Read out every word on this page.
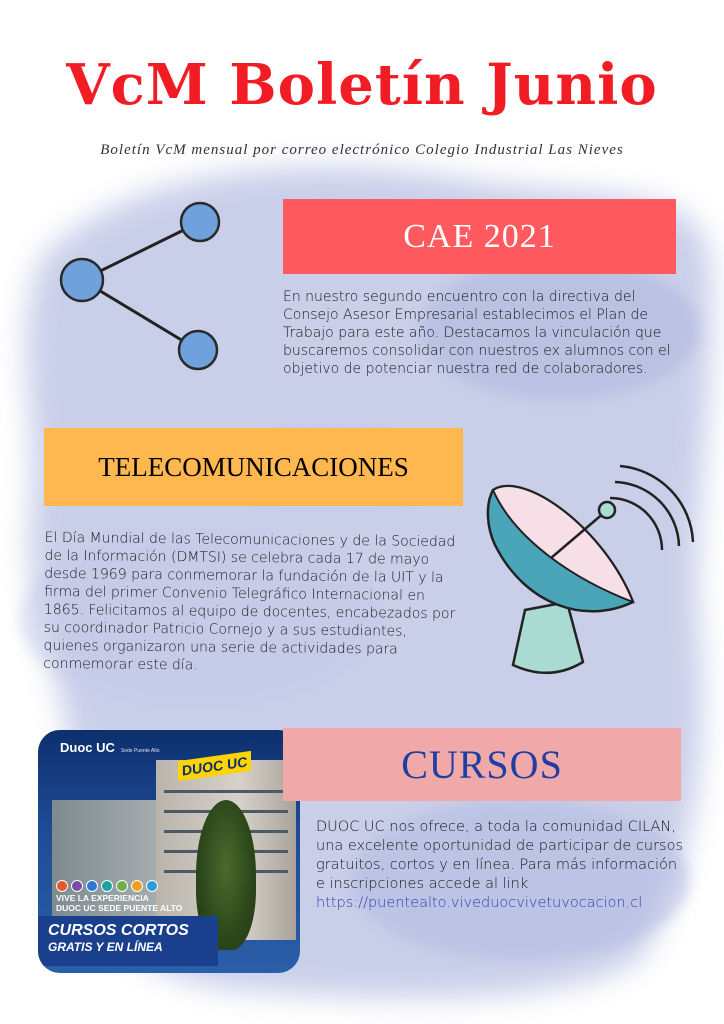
VcM Boletín Junio
Boletín VcM mensual por correo electrónico Colegio Industrial Las Nieves
CAE 2021
En nuestro segundo encuentro con la directiva del Consejo Asesor Empresarial establecimos el Plan de Trabajo para este año. Destacamos la vinculación que buscaremos consolidar con nuestros ex alumnos con el objetivo de potenciar nuestra red de colaboradores.
TELECOMUNICACIONES
El Día Mundial de las Telecomunicaciones y de la Sociedad de la Información (DMTSI) se celebra cada 17 de mayo desde 1969 para conmemorar la fundación de la UIT y la firma del primer Convenio Telegráfico Internacional en 1865. Felicitamos al equipo de docentes, encabezados por su coordinador Patricio Cornejo y a sus estudiantes, quienes organizaron una serie de actividades para conmemorar este día.
DUOC UC
Duoc UC Sede Puente Alto
VIVE LA EXPERIENCIA
DUOC UC SEDE PUENTE ALTO
CURSOS CORTOS
GRATIS Y EN LÍNEA
CURSOS
DUOC UC nos ofrece, a toda la comunidad CILAN, una excelente oportunidad de participar de cursos gratuitos, cortos y en línea. Para más información e inscripciones accede al link https://puentealto.viveduocvivetuvocacion.cl
